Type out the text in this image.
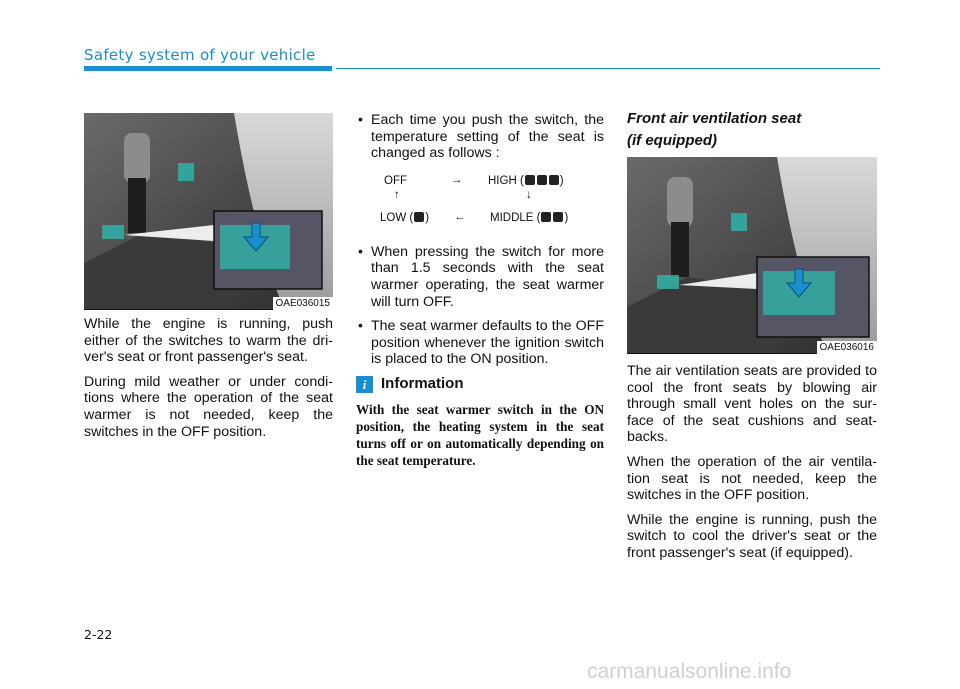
Safety system of your vehicle
OAE036015

While the engine is running, push either of the switches to warm the dri-ver's seat or front passenger's seat.

During mild weather or under condi-tions where the operation of the seat warmer is not needed, keep the switches in the OFF position.

• Each time you push the switch, the temperature setting of the seat is changed as follows :
OFF	→ HIGH (	)
↑	↓
LOW ( ) ← MIDDLE ( )
• When pressing the switch for more than 1.5 seconds with the seat warmer operating, the seat warmer will turn OFF.
• The seat warmer defaults to the OFF position whenever the ignition switch is placed to the ON position.
i Information
With the seat warmer switch in the ON position, the heating system in the seat turns off or on automatically depending on the seat temperature.
Front air ventilation seat
(if equipped)
OAE036016

The air ventilation seats are provided to cool the front seats by blowing air through small vent holes on the sur-face of the seat cushions and seat-backs.

When the operation of the air ventila-tion seat is not needed, keep the switches in the OFF position.

While the engine is running, push the switch to cool the driver's seat or the front passenger's seat (if equipped).

2-22
carmanualsonline.info
